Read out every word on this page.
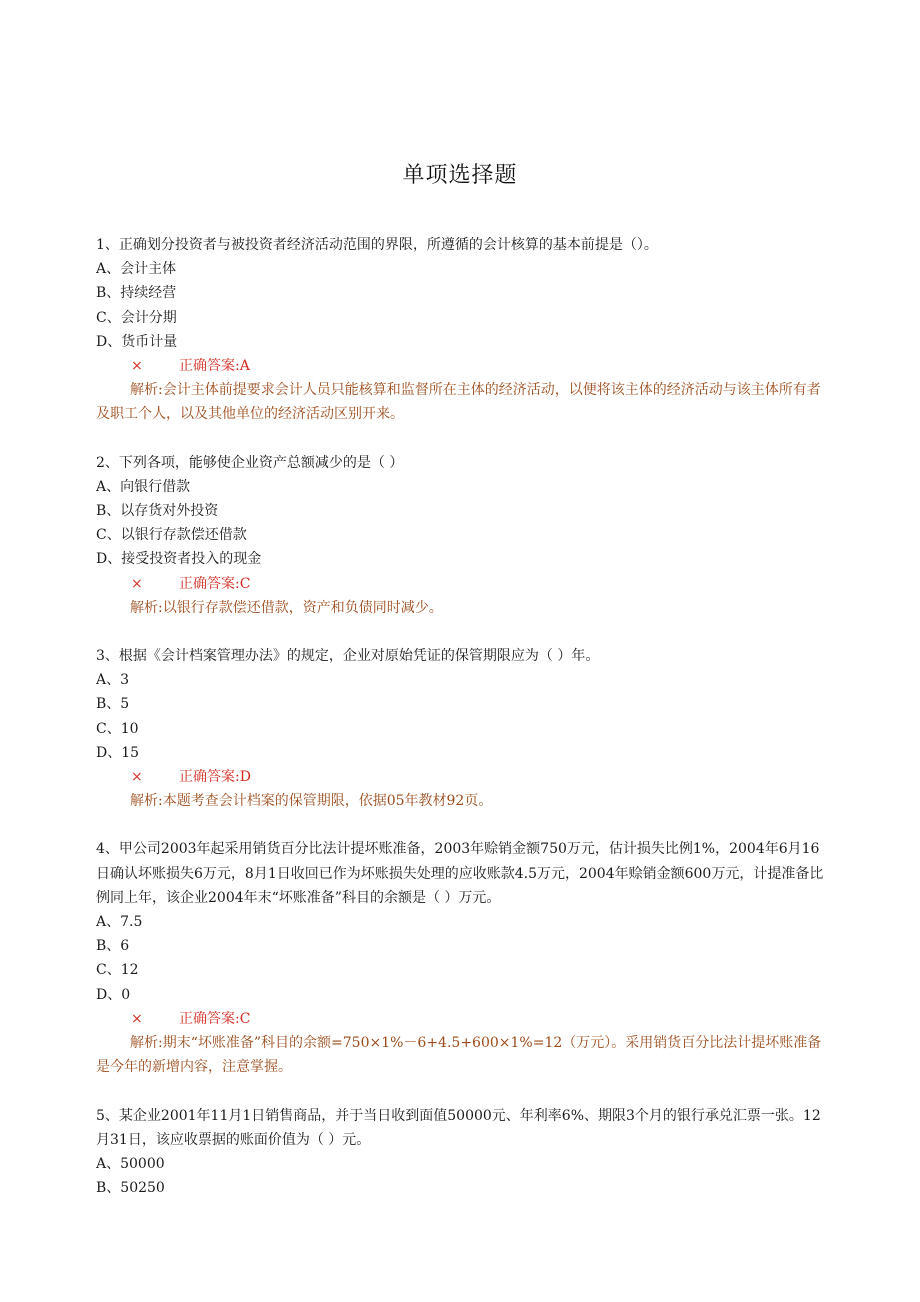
单项选择题
1、正确划分投资者与被投资者经济活动范围的界限，所遵循的会计核算的基本前提是（）。
A、会计主体
B、持续经营
C、会计分期
D、货币计量
×	正确答案:A
解析:会计主体前提要求会计人员只能核算和监督所在主体的经济活动，以便将该主体的经济活动与该主体所有者及职工个人，以及其他单位的经济活动区别开来。
2、下列各项，能够使企业资产总额减少的是（ ）
A、向银行借款
B、以存货对外投资
C、以银行存款偿还借款
D、接受投资者投入的现金
×	正确答案:C
解析:以银行存款偿还借款，资产和负债同时减少。
3、根据《会计档案管理办法》的规定，企业对原始凭证的保管期限应为（ ）年。
A、3
B、5
C、10
D、15
×	正确答案:D
解析:本题考查会计档案的保管期限，依据05年教材92页。
4、甲公司2003年起采用销货百分比法计提坏账准备，2003年赊销金额750万元，估计损失比例1%，2004年6月16日确认坏账损失6万元，8月1日收回已作为坏账损失处理的应收账款4.5万元，2004年赊销金额600万元，计提准备比例同上年，该企业2004年末“坏账准备”科目的余额是（ ）万元。
A、7.5
B、6
C、12
D、0
×	正确答案:C
解析:期末“坏账准备”科目的余额=750×1%－6+4.5+600×1%=12（万元）。采用销货百分比法计提坏账准备是今年的新增内容，注意掌握。
5、某企业2001年11月1日销售商品，并于当日收到面值50000元、年利率6%、期限3个月的银行承兑汇票一张。12月31日，该应收票据的账面价值为（ ）元。
A、50000
B、50250
